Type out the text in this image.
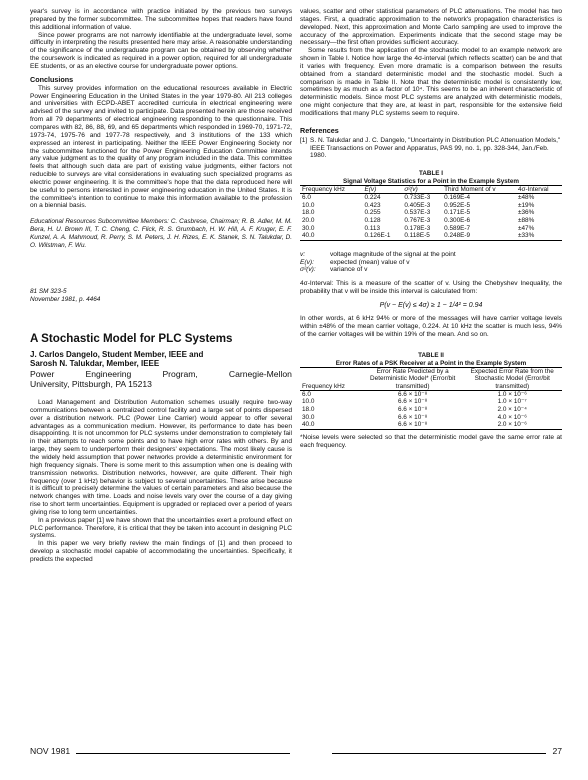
year's survey is in accordance with practice initiated by the previous two surveys prepared by the former subcommittee. The subcommittee hopes that readers have found this additional information of value.

Since power programs are not narrowly identifiable at the undergraduate level, some difficulty in interpreting the results presented here may arise. A reasonable understanding of the significance of the undergraduate program can be obtained by observing whether the coursework is indicated as required in a power option, required for all undergraduate EE students, or as an elective course for undergraduate power options.

Conclusions

This survey provides information on the educational resources available in Electric Power Engineering Education in the United States in the year 1979-80. All 213 colleges and universities with ECPD-ABET accredited curricula in electrical engineering were advised of the survey and invited to participate. Data presented herein are those received from all 79 departments of electrical engineering responding to the questionnaire. This compares with 82, 86, 88, 69, and 65 departments which responded in 1969-70, 1971-72, 1973-74, 1975-76 and 1977-78 respectively, and 3 institutions of the 133 which expressed an interest in participating. Neither the IEEE Power Engineering Society nor the subcommittee functioned for the Power Engineering Education Committee intends any value judgment as to the quality of any program included in the data. This committee feels that although such data are part of existing value judgments, either factors not reducible to surveys are vital considerations in evaluating such specialized programs as electric power engineering. It is the committee's hope that the data reproduced here will be useful to persons interested in power engineering education in the United States. It is the committee's intention to continue to make this information available to the profession on a biennial basis.

Educational Resources Subcommittee Members: C. Casbrese, Chairman; R. B. Adler, M. M. Bera, H. U. Brown III, T. C. Cheng, C. Flick, R. S. Grumbach, H. W. Hill, A. F. Kruger, E. F. Kunzel, A. A. Mahmoud, R. Perry, S. M. Peters, J. H. Rizes, E. K. Stanek, S. N. Talukdar, D. O. Wilstman, F. Wu.
81 SM 323-5
November 1981, p. 4464
A Stochastic Model for PLC Systems
J. Carlos Dangelo, Student Member, IEEE and
Sarosh N. Talukdar, Member, IEEE
Power	Engineering	Program,	Carnegie-Mellon
University, Pittsburgh, PA 15213

Load Management and Distribution Automation schemes usually require two-way communications between a centralized control facility and a large set of points dispersed over a distribution network. PLC (Power Line Carrier) would appear to offer several advantages as a communication medium. However, its performance to date has been disappointing. It is not uncommon for PLC systems under demonstration to completely fail in their attempts to reach some points and to have high error rates with others. By and large, they seem to underperform their designers' expectations. The most likely cause is the widely held assumption that power networks provide a deterministic environment for high frequency signals. There is some merit to this assumption when one is dealing with transmission networks. Distribution networks, however, are quite different. Their high frequency (over 1 kHz) behavior is subject to several uncertainties. These arise because it is difficult to precisely determine the values of certain parameters and also because the network changes with time. Loads and noise levels vary over the course of a day giving rise to short term uncertainties. Equipment is upgraded or replaced over a period of years giving rise to long term uncertainties.

In a previous paper [1] we have shown that the uncertainties exert a profound effect on PLC performance. Therefore, it is critical that they be taken into account in designing PLC systems.

In this paper we very briefly review the main findings of [1] and then proceed to develop a stochastic model capable of accommodating the uncertainties. Specifically, it predicts the expected

values, scatter and other statistical parameters of PLC attenuations. The model has two stages. First, a quadratic approximation to the network's propagation characteristics is developed. Next, this approximation and Monte Carlo sampling are used to improve the accuracy of the approximation. Experiments indicate that the second stage may be necessary—the first often provides sufficient accuracy.

Some results from the application of the stochastic model to an example network are shown in Table I. Notice how large the 4σ-interval (which reflects scatter) can be and that it varies with frequency. Even more dramatic is a comparison between the results obtained from a standard deterministic model and the stochastic model. Such a comparison is made in Table II. Note that the deterministic model is consistently low, sometimes by as much as a factor of 10⁴. This seems to be an inherent characteristic of deterministic models. Since most PLC systems are analyzed with deterministic models, one might conjecture that they are, at least in part, responsible for the extensive field modifications that many PLC systems seem to require.

References
[1] S. N. Talukdar and J. C. Dangelo, "Uncertainty in Distribution PLC Attenuation Models," IEEE Transactions on Power and Apparatus, PAS 99, no. 1, pp. 328-344, Jan./Feb. 1980.
TABLE I
Signal Voltage Statistics for a Point in the Example System
Frequency kHz	E(v)	σ²(v)	Third Moment of v	4σ-Interval
6.0	0.224	0.733E-3	0.169E-4	±48%
10.0	0.423	0.405E-3	0.952E-5	±19%
18.0	0.255	0.537E-3	0.171E-5	±36%
20.0	0.128	0.767E-3	0.300E-6	±88%
30.0	0.113	0.178E-3	0.589E-7	±47%
40.0	0.126E-1	0.118E-5	0.248E-9	±33%
v:	voltage magnitude of the signal at the point
E(v):	expected (mean) value of v
σ²(v):	variance of v

4σ-Interval: This is a measure of the scatter of v. Using the Chebyshev Inequality, the probability that v will be inside this interval is calculated from:

P(v − E(v) ≤ 4σ) ≥ 1 − 1/4² = 0.94

In other words, at 6 kHz 94% or more of the messages will have carrier voltage levels within ±48% of the mean carrier voltage, 0.224. At 10 kHz the scatter is much less, 94% of the carrier voltages will be within 19% of the mean. And so on.

TABLE II
Error Rates of a PSK Receiver at a Point in the Example System
Frequency kHz	Error Rate Predicted by a Deterministic Model* (Error/bit transmitted)	Expected Error Rate from the Stochastic Model (Error/bit transmitted)
6.0	6.6 × 10⁻⁸	1.0 × 10⁻⁶
10.0	6.6 × 10⁻⁸	1.0 × 10⁻⁷
18.0	6.6 × 10⁻⁸	2.0 × 10⁻⁴
30.0	6.6 × 10⁻⁸	4.0 × 10⁻⁶
40.0	6.6 × 10⁻⁸	2.0 × 10⁻⁶

*Noise levels were selected so that the deterministic model gave the same error rate at each frequency.

NOV 1981	27
